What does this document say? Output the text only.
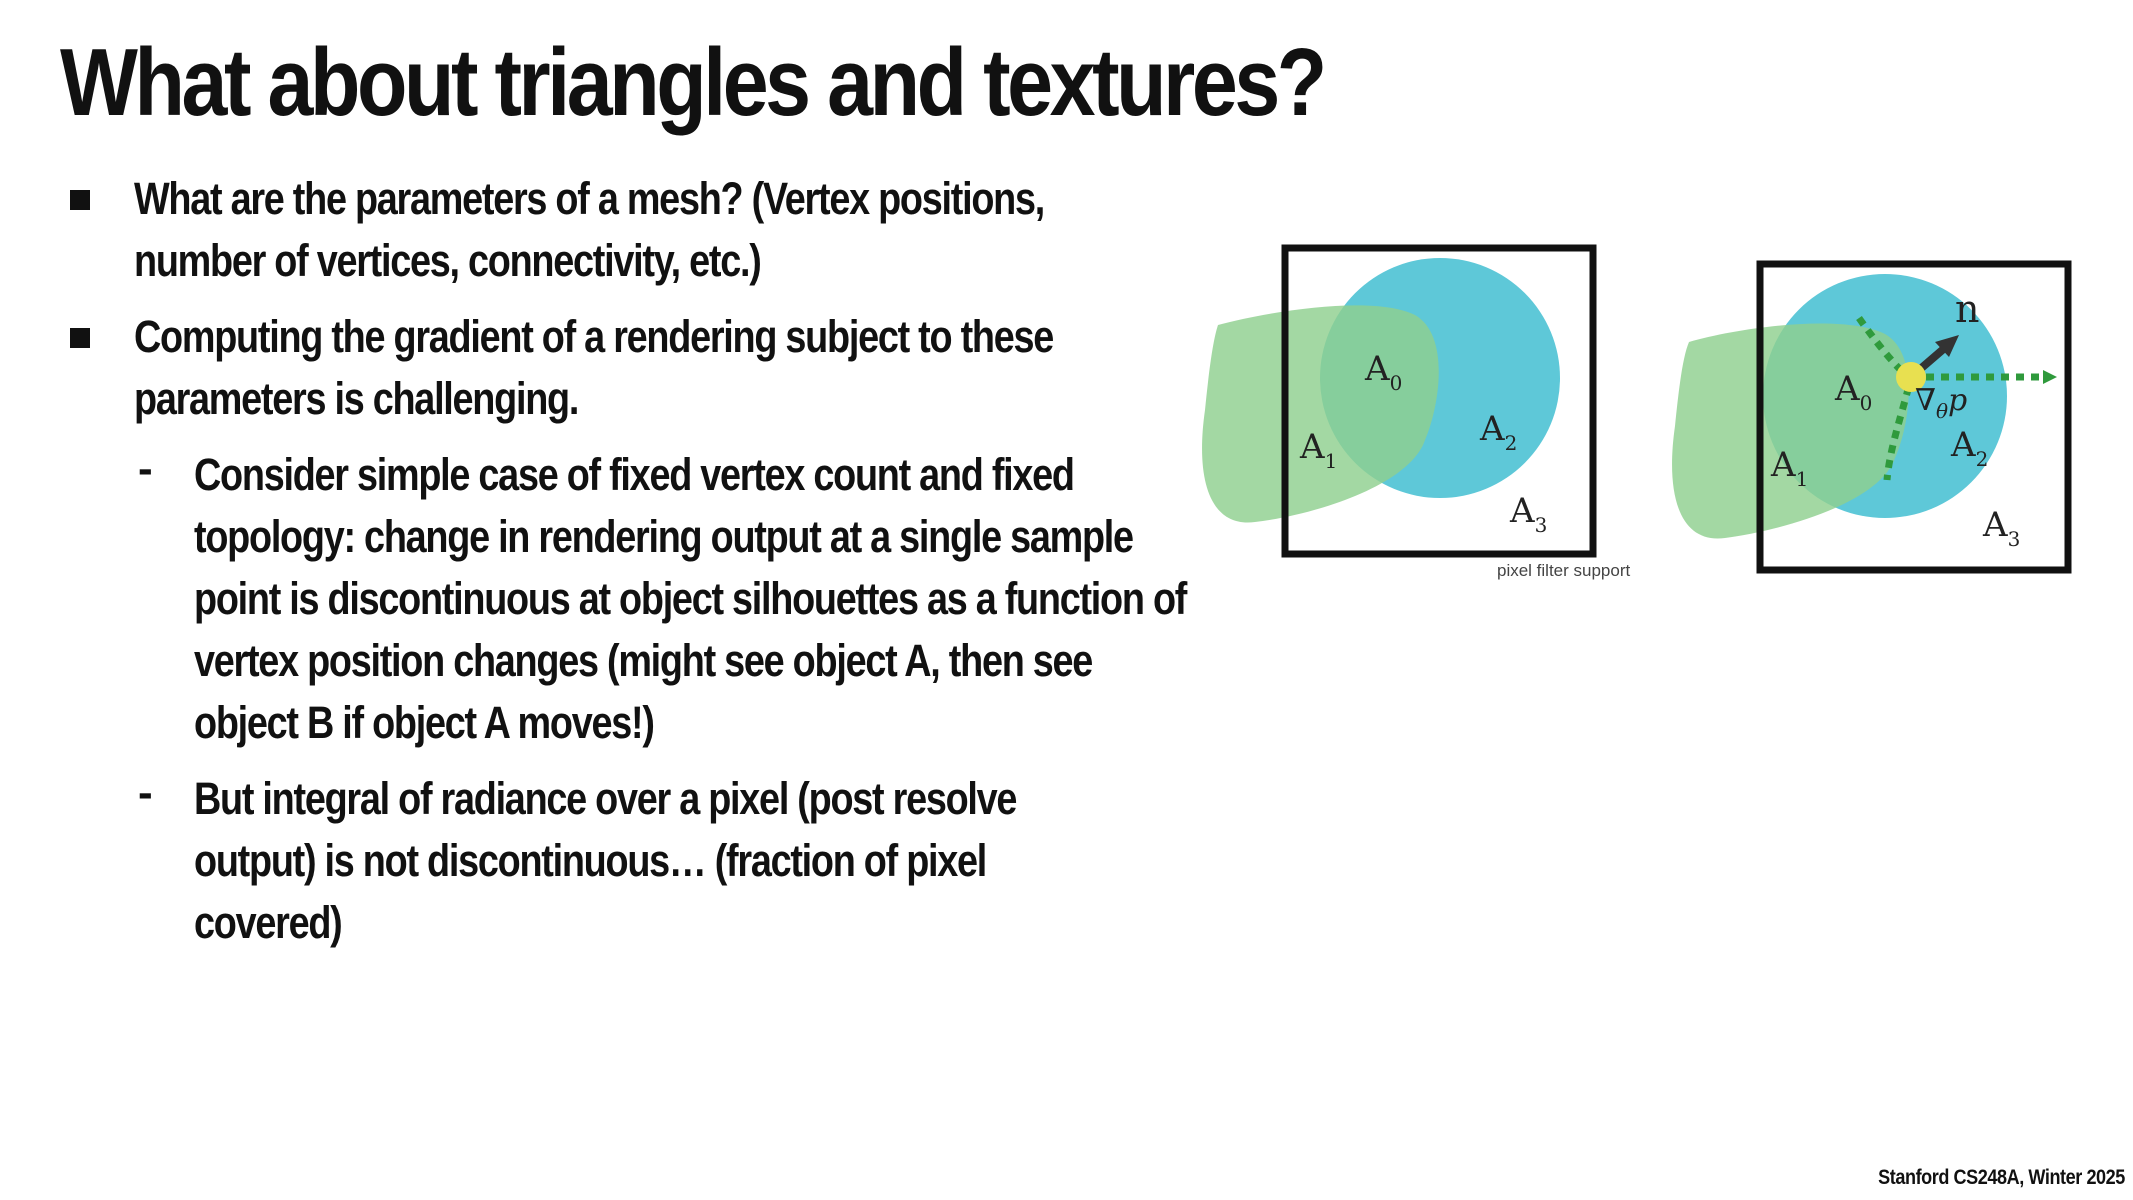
What about triangles and textures?
What are the parameters of a mesh? (Vertex positions, number of vertices, connectivity, etc.)
Computing the gradient of a rendering subject to these parameters is challenging.
- Consider simple case of fixed vertex count and fixed topology: change in rendering output at a single sample point is discontinuous at object silhouettes as a function of vertex position changes (might see object A, then see object B if object A moves!)
- But integral of radiance over a pixel (post resolve output) is not discontinuous… (fraction of pixel covered)
$A_0$
$A_1$
$A_2$
$A_3$
pixel filter support
n
$\nabla_\theta p$
$A_0$
$A_1$
$A_2$
$A_3$
Stanford CS248A, Winter 2025
